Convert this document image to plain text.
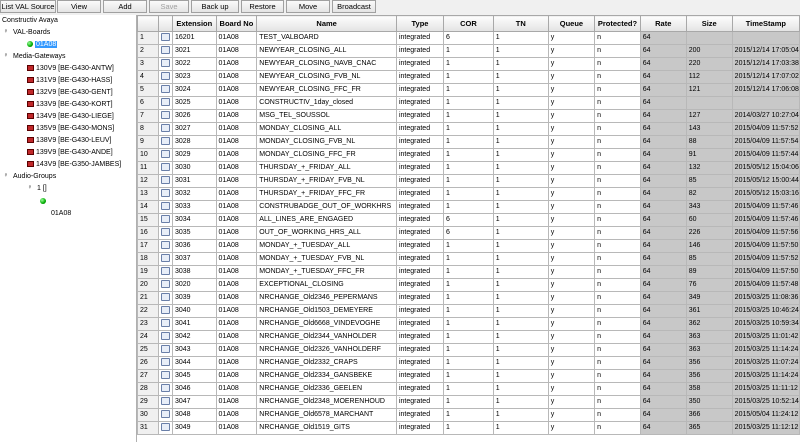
List VAL Source	View	Add	Save	Back up	Restore	Move	Broadcast
Constructiv Avaya
♀ VAL-Boards
01A08
♀ Media-Gateways
130V9 [BE-G430-ANTW]
131V9 [BE-G430-HASS]
132V9 [BE-G430-GENT]
133V9 [BE-G430-KORT]
134V9 [BE-G430-LIEGE]
135V9 [BE-G430-MONS]
138V9 [BE-G430-LEUV]
139V9 [BE-G430-ANDE]
143V9 [BE-G350-JAMBES]
♀ Audio-Groups
♀ 1 []
01A08
		Extension	Board No	Name	Type	COR	TN	Queue	Protected?	Rate	Size	TimeStamp
1		16201	01A08	TEST_VALBOARD	integrated	6	1	y	n	64		
2		3021	01A08	NEWYEAR_CLOSING_ALL	integrated	1	1	y	n	64	200	2015/12/14 17:05:04
3		3022	01A08	NEWYEAR_CLOSING_NAVB_CNAC	integrated	1	1	y	n	64	220	2015/12/14 17:03:38
4		3023	01A08	NEWYEAR_CLOSING_FVB_NL	integrated	1	1	y	n	64	112	2015/12/14 17:07:02
5		3024	01A08	NEWYEAR_CLOSING_FFC_FR	integrated	1	1	y	n	64	121	2015/12/14 17:06:08
6		3025	01A08	CONSTRUCTIV_1day_closed	integrated	1	1	y	n	64		
7		3026	01A08	MSG_TEL_SOUSSOL	integrated	1	1	y	n	64	127	2014/03/27 10:27:04
8		3027	01A08	MONDAY_CLOSING_ALL	integrated	1	1	y	n	64	143	2015/04/09 11:57:52
9		3028	01A08	MONDAY_CLOSING_FVB_NL	integrated	1	1	y	n	64	88	2015/04/09 11:57:54
10		3029	01A08	MONDAY_CLOSING_FFC_FR	integrated	1	1	y	n	64	91	2015/04/09 11:57:44
11		3030	01A08	THURSDAY_+_FRIDAY_ALL	integrated	1	1	y	n	64	132	2015/05/12 15:04:06
12		3031	01A08	THURSDAY_+_FRIDAY_FVB_NL	integrated	1	1	y	n	64	85	2015/05/12 15:00:44
13		3032	01A08	THURSDAY_+_FRIDAY_FFC_FR	integrated	1	1	y	n	64	82	2015/05/12 15:03:16
14		3033	01A08	CONSTRUBADGE_OUT_OF_WORKHRS	integrated	1	1	y	n	64	343	2015/04/09 11:57:46
15		3034	01A08	ALL_LINES_ARE_ENGAGED	integrated	6	1	y	n	64	60	2015/04/09 11:57:46
16		3035	01A08	OUT_OF_WORKING_HRS_ALL	integrated	6	1	y	n	64	226	2015/04/09 11:57:56
17		3036	01A08	MONDAY_+_TUESDAY_ALL	integrated	1	1	y	n	64	146	2015/04/09 11:57:50
18		3037	01A08	MONDAY_+_TUESDAY_FVB_NL	integrated	1	1	y	n	64	85	2015/04/09 11:57:52
19		3038	01A08	MONDAY_+_TUESDAY_FFC_FR	integrated	1	1	y	n	64	89	2015/04/09 11:57:50
20		3020	01A08	EXCEPTIONAL_CLOSING	integrated	1	1	y	n	64	76	2015/04/09 11:57:48
21		3039	01A08	NRCHANGE_Old2346_PEPERMANS	integrated	1	1	y	n	64	349	2015/03/25 11:08:36
22		3040	01A08	NRCHANGE_Old1503_DEMEYERE	integrated	1	1	y	n	64	361	2015/03/25 10:46:24
23		3041	01A08	NRCHANGE_Old6668_VINDEVOGHE	integrated	1	1	y	n	64	362	2015/03/25 10:59:34
24		3042	01A08	NRCHANGE_Old2344_VANHOLDER	integrated	1	1	y	n	64	363	2015/03/25 11:01:42
25		3043	01A08	NRCHANGE_Old2326_VANHOLDERF	integrated	1	1	y	n	64	363	2015/03/25 11:14:24
26		3044	01A08	NRCHANGE_Old2332_CRAPS	integrated	1	1	y	n	64	356	2015/03/25 11:07:24
27		3045	01A08	NRCHANGE_Old2334_GANSBEKE	integrated	1	1	y	n	64	356	2015/03/25 11:14:24
28		3046	01A08	NRCHANGE_Old2336_GEELEN	integrated	1	1	y	n	64	358	2015/03/25 11:11:12
29		3047	01A08	NRCHANGE_Old2348_MOERENHOUD	integrated	1	1	y	n	64	350	2015/03/25 10:52:14
30		3048	01A08	NRCHANGE_Old6578_MARCHANT	integrated	1	1	y	n	64	366	2015/05/04 11:24:12
31		3049	01A08	NRCHANGE_Old1519_GITS	integrated	1	1	y	n	64	365	2015/03/25 11:12:12
